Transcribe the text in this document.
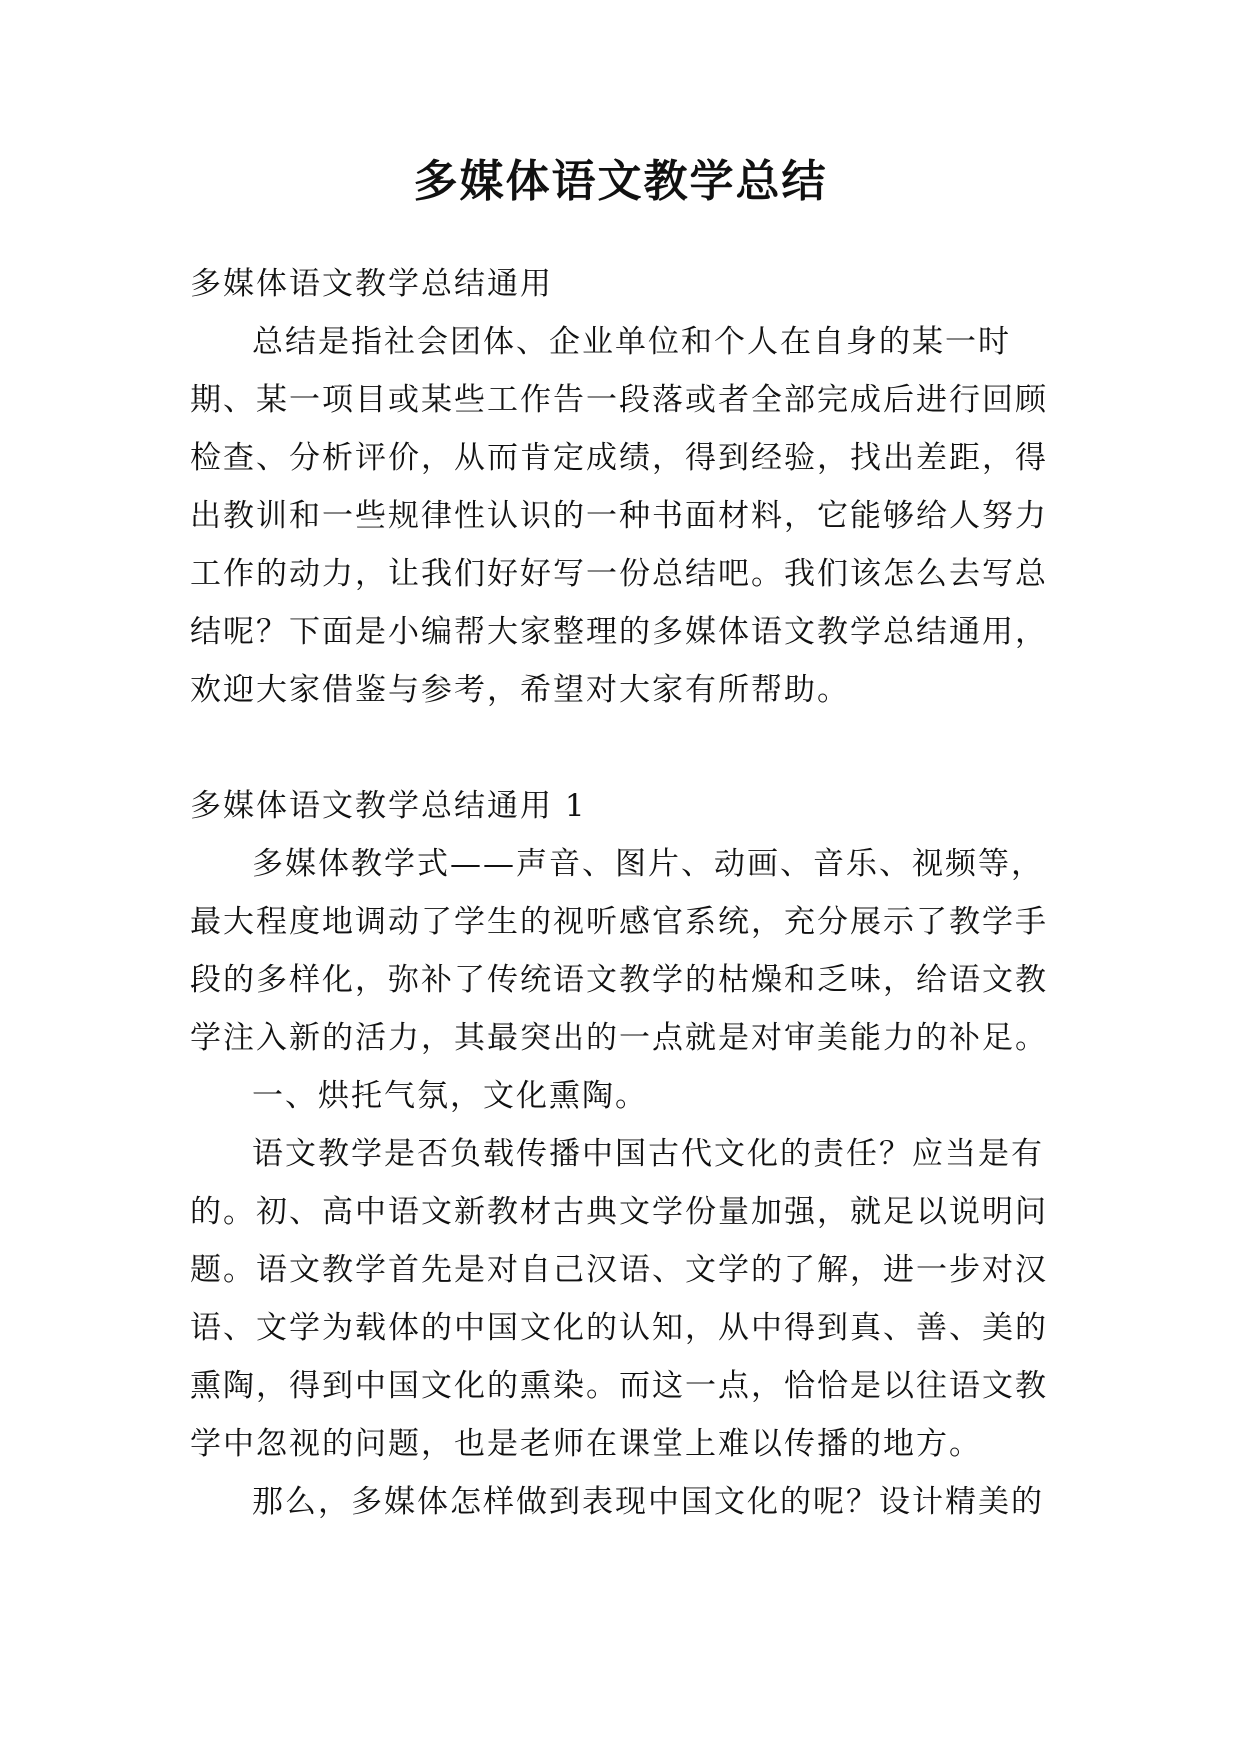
多媒体语文教学总结

多媒体语文教学总结通用

总结是指社会团体、企业单位和个人在自身的某一时期、某一项目或某些工作告一段落或者全部完成后进行回顾检查、分析评价，从而肯定成绩，得到经验，找出差距，得出教训和一些规律性认识的一种书面材料，它能够给人努力工作的动力，让我们好好写一份总结吧。我们该怎么去写总结呢？下面是小编帮大家整理的多媒体语文教学总结通用，欢迎大家借鉴与参考，希望对大家有所帮助。

多媒体语文教学总结通用 1

多媒体教学式——声音、图片、动画、音乐、视频等，最大程度地调动了学生的视听感官系统，充分展示了教学手段的多样化，弥补了传统语文教学的枯燥和乏味，给语文教学注入新的活力，其最突出的一点就是对审美能力的补足。

一、烘托气氛，文化熏陶。

语文教学是否负载传播中国古代文化的责任？应当是有的。初、高中语文新教材古典文学份量加强，就足以说明问题。语文教学首先是对自己汉语、文学的了解，进一步对汉语、文学为载体的中国文化的认知，从中得到真、善、美的熏陶，得到中国文化的熏染。而这一点，恰恰是以往语文教学中忽视的问题，也是老师在课堂上难以传播的地方。

那么，多媒体怎样做到表现中国文化的呢？设计精美的
